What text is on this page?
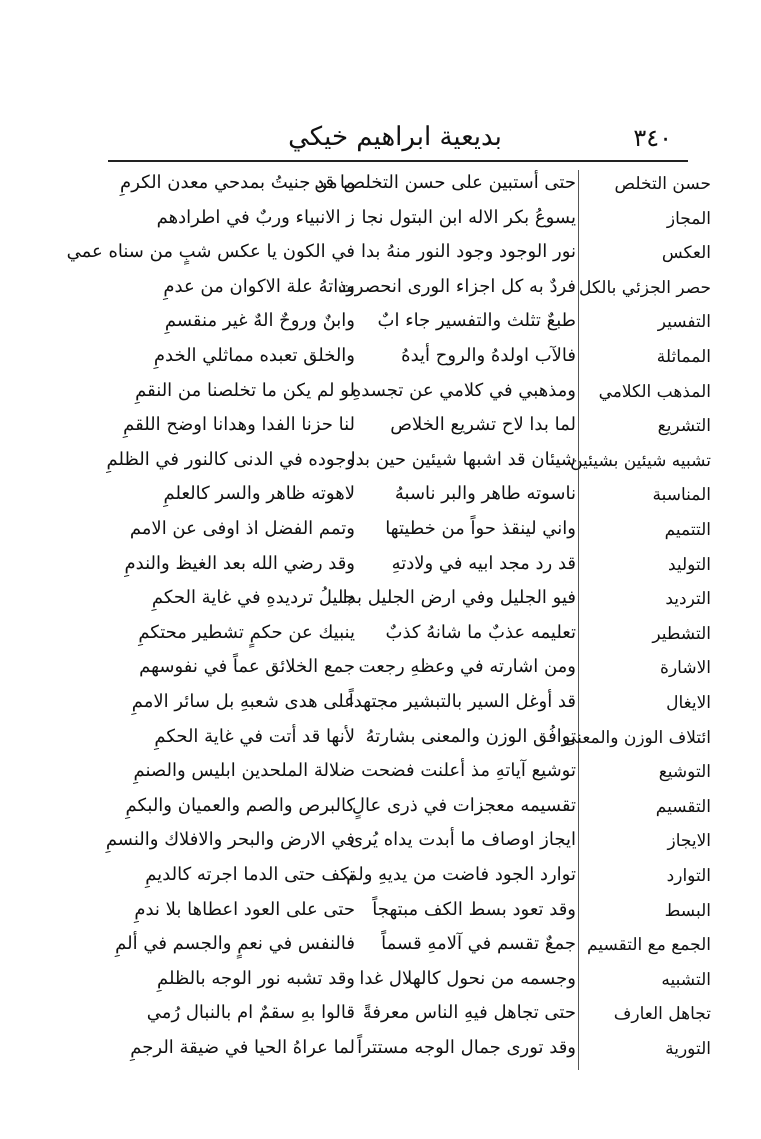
بديعية ابراهيم خيكي	٣٤٠
حسن التخلص
حتى أستبين على حسن التخلص من
ما قد جنيتُ بمدحي معدن الكرمِ
المجاز
يسوعُ بكر الاله ابن البتول نجا
ز الانبياء وربٌ في اطرادهم
العكس
نور الوجود وجود النور منهُ بدا
في الكون يا عكس شبٍ من سناه عمي
حصر الجزئي بالكل
فردٌ به كل اجزاء الورى انحصرت
وذاتهُ علة الاكوان من عدمِ
التفسير
طبعٌ تثلث والتفسير جاء ابٌ
وابنٌ وروحٌ الهٌ غير منقسمِ
المماثلة
فالآب اولدهُ والروح أيدهُ
والخلق تعبده مماثلي الخدمِ
المذهب الكلامي
ومذهبي في كلامي عن تجسدهِ
لو لم يكن ما تخلصنا من النقمِ
التشريع
لما بدا لاح تشريع الخلاص
لنا حزنا الفدا وهدانا اوضح اللقمِ
تشبيه شيئين بشيئين
شيئان قد اشبها شيئين حين بدا
وجوده في الدنى كالنور في الظلمِ
المناسبة
ناسوته طاهر والبر ناسبهُ
لاهوته ظاهر والسر كالعلمِ
التتميم
واني لينقذ حواً من خطيتها
وتمم الفضل اذ اوفى عن الامم
التوليد
قد رد مجد ابيه في ولادتهِ
وقد رضي الله بعد الغيظ والندمِ
الترديد
فيو الجليل وفي ارض الجليل بدا
جليلُ ترديدهِ في غاية الحكمِ
التشطير
تعليمه عذبٌ ما شانهُ كذبٌ
ينبيك عن حكمٍ تشطير محتكمِ
الاشارة
ومن اشارته في وعظهِ رجعت
جمع الخلائق عماً في نفوسهم
الايغال
قد أوغل السير بالتبشير مجتهداً
على هدى شعبهِ بل سائر الاممِ
ائتلاف الوزن والمعنى
توافُق الوزن والمعنى بشارتهُ
لأنها قد أتت في غاية الحكمِ
التوشيع
توشيع آياتهِ مذ أعلنت فضحت
ضلالة الملحدين ابليس والصنمِ
التقسيم
تقسيمه معجزات في ذرى عالٍ
كالبرص والصم والعميان والبكمِ
الايجاز
ايجاز اوصاف ما أبدت يداه يُرى
في الارض والبحر والافلاك والنسمِ
التوارد
توارد الجود فاضت من يديهِ ولم
تكف حتى الدما اجرته كالديمِ
البسط
وقد تعود بسط الكف مبتهجاً
حتى على العود اعطاها بلا ندمِ
الجمع مع التقسيم
جمعٌ تقسم في آلامهِ قسماً
فالنفس في نعمٍ والجسم في ألمِ
التشبيه
وجسمه من نحول كالهلال غدا
وقد تشبه نور الوجه بالظلمِ
تجاهل العارف
حتى تجاهل فيهِ الناس معرفةً
قالوا بهِ سقمٌ ام بالنبال رُمي
التورية
وقد تورى جمال الوجه مستتراً
لما عراهُ الحيا في ضيقة الرجمِ
